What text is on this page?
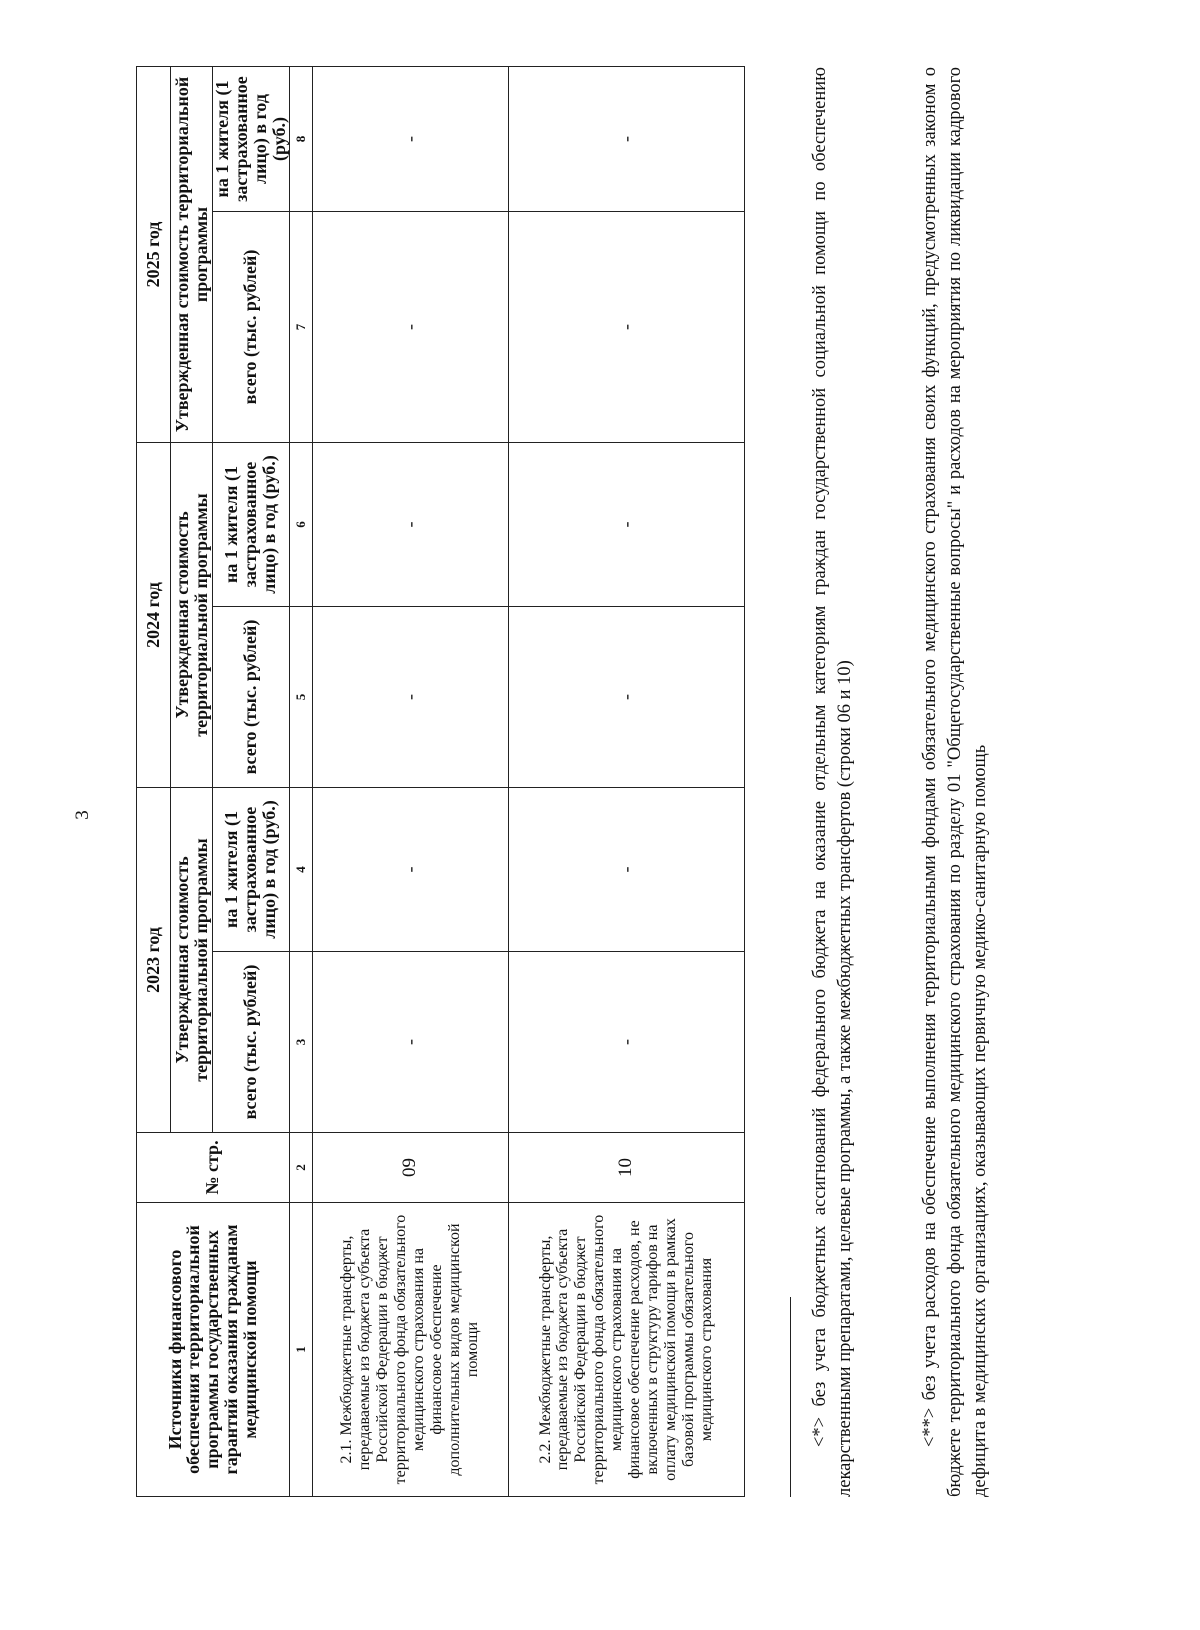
3
Источники финансового обеспечения территориальной программы государственных гарантий оказания гражданам медицинской помощи	№ стр.	2023 год		2024 год		2025 год	
		Утвержденная стоимость территориальной программы		Утвержденная стоимость территориальной программы		Утвержденная стоимость территориальной программы	
		всего (тыс. рублей)	на 1 жителя (1 застрахованное лицо) в год (руб.)	всего (тыс. рублей)	на 1 жителя (1 застрахованное лицо) в год (руб.)	всего (тыс. рублей)	на 1 жителя (1 застрахованное лицо) в год (руб.)
1	2	3	4	5	6	7	8
2.1. Межбюджетные трансферты, передаваемые из бюджета субъекта Российской Федерации в бюджет территориального фонда обязательного медицинского страхования на финансовое обеспечение дополнительных видов медицинской помощи	09	-	-	-	-	-	-
2.2. Межбюджетные трансферты, передаваемые из бюджета субъекта Российской Федерации в бюджет территориального фонда обязательного медицинского страхования на финансовое обеспечение расходов, не включенных в структуру тарифов на оплату медицинской помощи в рамках базовой программы обязательного медицинского страхования	10	-	-	-	-	-	-	<*> без учета бюджетных ассигнований федерального бюджета на оказание отдельным категориям граждан государственной социальной помощи по обеспечению лекарственными препаратами, целевые программы, а также межбюджетных трансфертов (строки 06 и 10)	<**> без учета расходов на обеспечение выполнения территориальными фондами обязательного медицинского страхования своих функций, предусмотренных законом о бюджете территориального фонда обязательного медицинского страхования по разделу 01 "Общегосударственные вопросы" и расходов на мероприятия по ликвидации кадрового дефицита в медицинских организациях, оказывающих первичную медико-санитарную помощь
